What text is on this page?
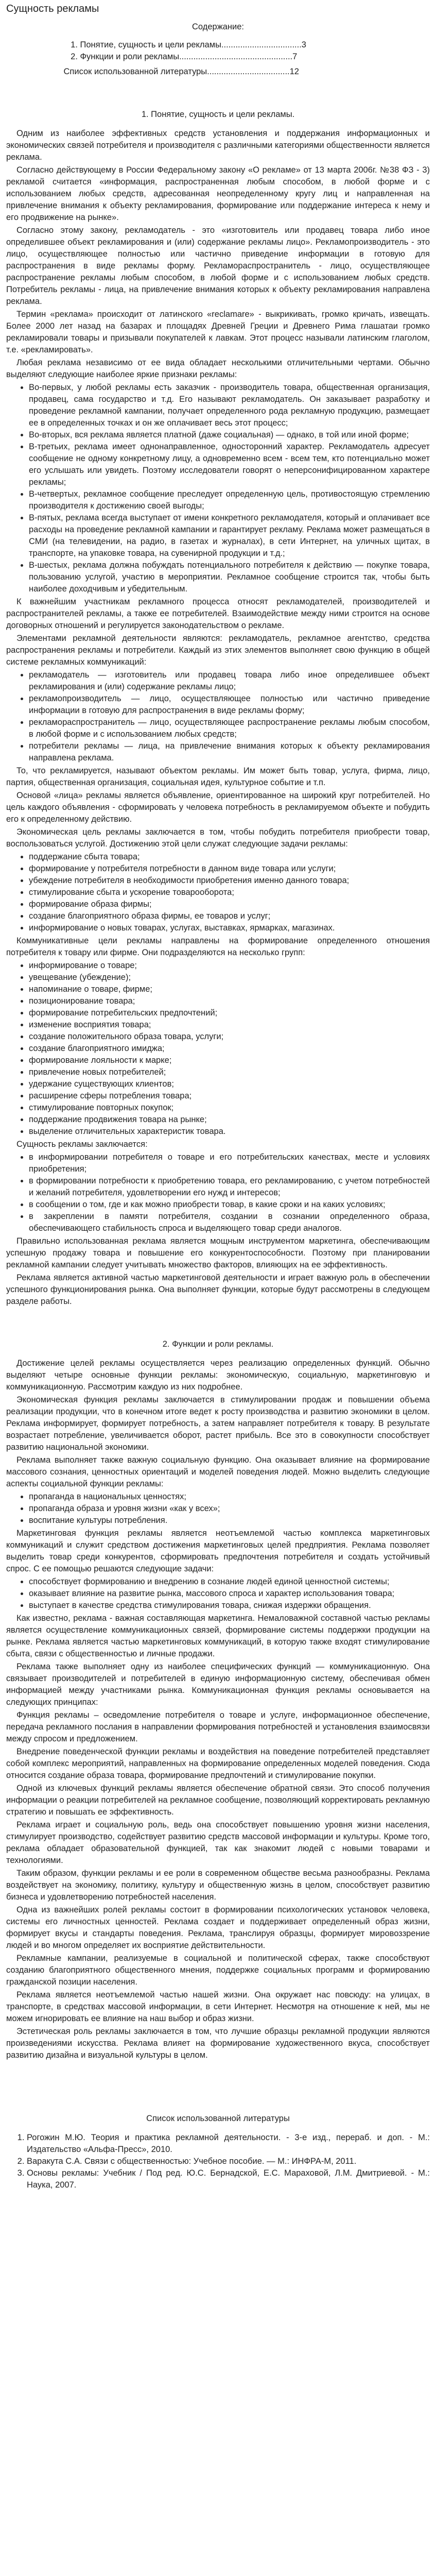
Сущность рекламы
Содержание:
1. Понятие, сущность и цели рекламы..................................3
2. Функции и роли рекламы................................................7
Список использованной литературы...................................12
1. Понятие, сущность и цели рекламы.

Одним из наиболее эффективных средств установления и поддержания информационных и экономических связей потребителя и производителя с различными категориями общественности является реклама.

Согласно действующему в России Федеральному закону «О рекламе» от 13 марта 2006г. №38 ФЗ - 3) рекламой считается «информация, распространенная любым способом, в любой форме и с использованием любых средств, адресованная неопределенному кругу лиц и направленная на привлечение внимания к объекту рекламирования, формирование или поддержание интереса к нему и его продвижение на рынке».

Согласно этому закону, рекламодатель - это «изготовитель или продавец товара либо иное определившее объект рекламирования и (или) содержание рекламы лицо». Рекламопроизводитель - это лицо, осуществляющее полностью или частично приведение информации в готовую для распространения в виде рекламы форму. Рекламораспространитель - лицо, осуществляющее распространение рекламы любым способом, в любой форме и с использованием любых средств. Потребитель рекламы - лица, на привлечение внимания которых к объекту рекламирования направлена реклама.

Термин «реклама» происходит от латинского «reclamare» - выкрикивать, громко кричать, извещать. Более 2000 лет назад на базарах и площадях Древней Греции и Древнего Рима глашатаи громко рекламировали товары и призывали покупателей к лавкам. Этот процесс называли латинским глаголом, т.е. «рекламировать».

Любая реклама независимо от ее вида обладает несколькими отличительными чертами. Обычно выделяют следующие наиболее яркие признаки рекламы:

• Во-первых, у любой рекламы есть заказчик - производитель товара, общественная организация, продавец, сама государство и т.д. Его называют рекламодатель. Он заказывает разработку и проведение рекламной кампании, получает определенного рода рекламную продукцию, размещает ее в определенных точках и он же оплачивает весь этот процесс;
• Во-вторых, вся реклама является платной (даже социальная) — однако, в той или иной форме;
• В-третьих, реклама имеет однонаправленное, односторонний характер. Рекламодатель адресует сообщение не одному конкретному лицу, а одновременно всем - всем тем, кто потенциально может его услышать или увидеть. Поэтому исследователи говорят о неперсонифицированном характере рекламы;
• В-четвертых, рекламное сообщение преследует определенную цель, противостоящую стремлению производителя к достижению своей выгоды;
• В-пятых, реклама всегда выступает от имени конкретного рекламодателя, который и оплачивает все расходы на проведение рекламной кампании и гарантирует рекламу. Реклама может размещаться в СМИ (на телевидении, на радио, в газетах и журналах), в сети Интернет, на уличных щитах, в транспорте, на упаковке товара, на сувенирной продукции и т.д.;
• В-шестых, реклама должна побуждать потенциального потребителя к действию — покупке товара, пользованию услугой, участию в мероприятии. Рекламное сообщение строится так, чтобы быть наиболее доходчивым и убедительным.

К важнейшим участникам рекламного процесса относят рекламодателей, производителей и распространителей рекламы, а также ее потребителей. Взаимодействие между ними строится на основе договорных отношений и регулируется законодательством о рекламе.

Элементами рекламной деятельности являются: рекламодатель, рекламное агентство, средства распространения рекламы и потребители. Каждый из этих элементов выполняет свою функцию в общей системе рекламных коммуникаций:

• рекламодатель — изготовитель или продавец товара либо иное определившее объект рекламирования и (или) содержание рекламы лицо;
• рекламопроизводитель — лицо, осуществляющее полностью или частично приведение информации в готовую для распространения в виде рекламы форму;
• рекламораспространитель — лицо, осуществляющее распространение рекламы любым способом, в любой форме и с использованием любых средств;
• потребители рекламы — лица, на привлечение внимания которых к объекту рекламирования направлена реклама.

То, что рекламируется, называют объектом рекламы. Им может быть товар, услуга, фирма, лицо, партия, общественная организация, социальная идея, культурное событие и т.п.

Основой «лица» рекламы является объявление, ориентированное на широкий круг потребителей. Но цель каждого объявления - сформировать у человека потребность в рекламируемом объекте и побудить его к определенному действию.

Экономическая цель рекламы заключается в том, чтобы побудить потребителя приобрести товар, воспользоваться услугой. Достижению этой цели служат следующие задачи рекламы:

• поддержание сбыта товара;
• формирование у потребителя потребности в данном виде товара или услуги;
• убеждение потребителя в необходимости приобретения именно данного товара;
• стимулирование сбыта и ускорение товарооборота;
• формирование образа фирмы;
• создание благоприятного образа фирмы, ее товаров и услуг;
• информирование о новых товарах, услугах, выставках, ярмарках, магазинах.

Коммуникативные цели рекламы направлены на формирование определенного отношения потребителя к товару или фирме. Они подразделяются на несколько групп:

• информирование о товаре;
• увещевание (убеждение);
• напоминание о товаре, фирме;
• позиционирование товара;
• формирование потребительских предпочтений;
• изменение восприятия товара;
• создание положительного образа товара, услуги;
• создание благоприятного имиджа;
• формирование лояльности к марке;
• привлечение новых потребителей;
• удержание существующих клиентов;
• расширение сферы потребления товара;
• стимулирование повторных покупок;
• поддержание продвижения товара на рынке;
• выделение отличительных характеристик товара.

Сущность рекламы заключается:

• в информировании потребителя о товаре и его потребительских качествах, месте и условиях приобретения;
• в формировании потребности к приобретению товара, его рекламированию, с учетом потребностей и желаний потребителя, удовлетворении его нужд и интересов;
• в сообщении о том, где и как можно приобрести товар, в какие сроки и на каких условиях;
• в закреплении в памяти потребителя, создании в сознании определенного образа, обеспечивающего стабильность спроса и выделяющего товар среди аналогов.

Правильно использованная реклама является мощным инструментом маркетинга, обеспечивающим успешную продажу товара и повышение его конкурентоспособности. Поэтому при планировании рекламной кампании следует учитывать множество факторов, влияющих на ее эффективность.

Реклама является активной частью маркетинговой деятельности и играет важную роль в обеспечении успешного функционирования рынка. Она выполняет функции, которые будут рассмотрены в следующем разделе работы.

2. Функции и роли рекламы.

Достижение целей рекламы осуществляется через реализацию определенных функций. Обычно выделяют четыре основные функции рекламы: экономическую, социальную, маркетинговую и коммуникационную. Рассмотрим каждую из них подробнее.

Экономическая функция рекламы заключается в стимулировании продаж и повышении объема реализации продукции, что в конечном итоге ведет к росту производства и развитию экономики в целом. Реклама информирует, формирует потребность, а затем направляет потребителя к товару. В результате возрастает потребление, увеличивается оборот, растет прибыль. Все это в совокупности способствует развитию национальной экономики.

Реклама выполняет также важную социальную функцию. Она оказывает влияние на формирование массового сознания, ценностных ориентаций и моделей поведения людей. Можно выделить следующие аспекты социальной функции рекламы:

• пропаганда в национальных ценностях;
• пропаганда образа и уровня жизни «как у всех»;
• воспитание культуры потребления.

Маркетинговая функция рекламы является неотъемлемой частью комплекса маркетинговых коммуникаций и служит средством достижения маркетинговых целей предприятия. Реклама позволяет выделить товар среди конкурентов, сформировать предпочтения потребителя и создать устойчивый спрос. С ее помощью решаются следующие задачи:

• способствует формированию и внедрению в сознание людей единой ценностной системы;
• оказывает влияние на развитие рынка, массового спроса и характер использования товара;
• выступает в качестве средства стимулирования товара, снижая издержки обращения.

Как известно, реклама - важная составляющая маркетинга. Немаловажной составной частью рекламы является осуществление коммуникационных связей, формирование системы поддержки продукции на рынке. Реклама является частью маркетинговых коммуникаций, в которую также входят стимулирование сбыта, связи с общественностью и личные продажи.

Реклама также выполняет одну из наиболее специфических функций — коммуникационную. Она связывает производителей и потребителей в единую информационную систему, обеспечивая обмен информацией между участниками рынка. Коммуникационная функция рекламы основывается на следующих принципах:

Функция рекламы – осведомление потребителя о товаре и услуге, информационное обеспечение, передача рекламного послания в направлении формирования потребностей и установления взаимосвязи между спросом и предложением.

Внедрение поведенческой функции рекламы и воздействия на поведение потребителей представляет собой комплекс мероприятий, направленных на формирование определенных моделей поведения. Сюда относится создание образа товара, формирование предпочтений и стимулирование покупки.

Одной из ключевых функций рекламы является обеспечение обратной связи. Это способ получения информации о реакции потребителей на рекламное сообщение, позволяющий корректировать рекламную стратегию и повышать ее эффективность.

Реклама играет и социальную роль, ведь она способствует повышению уровня жизни населения, стимулирует производство, содействует развитию средств массовой информации и культуры. Кроме того, реклама обладает образовательной функцией, так как знакомит людей с новыми товарами и технологиями.

Таким образом, функции рекламы и ее роли в современном обществе весьма разнообразны. Реклама воздействует на экономику, политику, культуру и общественную жизнь в целом, способствует развитию бизнеса и удовлетворению потребностей населения.

Одна из важнейших ролей рекламы состоит в формировании психологических установок человека, системы его личностных ценностей. Реклама создает и поддерживает определенный образ жизни, формирует вкусы и стандарты поведения. Реклама, транслируя образцы, формирует мировоззрение людей и во многом определяет их восприятие действительности.

Рекламные кампании, реализуемые в социальной и политической сферах, также способствуют созданию благоприятного общественного мнения, поддержке социальных программ и формированию гражданской позиции населения.

Реклама является неотъемлемой частью нашей жизни. Она окружает нас повсюду: на улицах, в транспорте, в средствах массовой информации, в сети Интернет. Несмотря на отношение к ней, мы не можем игнорировать ее влияние на наш выбор и образ жизни.

Эстетическая роль рекламы заключается в том, что лучшие образцы рекламной продукции являются произведениями искусства. Реклама влияет на формирование художественного вкуса, способствует развитию дизайна и визуальной культуры в целом.

Список использованной литературы
1. Рогожин М.Ю. Теория и практика рекламной деятельности. - 3-е изд., перераб. и доп. - М.: Издательство «Альфа-Пресс», 2010.
2. Варакута С.А. Связи с общественностью: Учебное пособие. — М.: ИНФРА-М, 2011.
3. Основы рекламы: Учебник / Под ред. Ю.С. Бернадской, Е.С. Мараховой, Л.М. Дмитриевой. - М.: Наука, 2007.
